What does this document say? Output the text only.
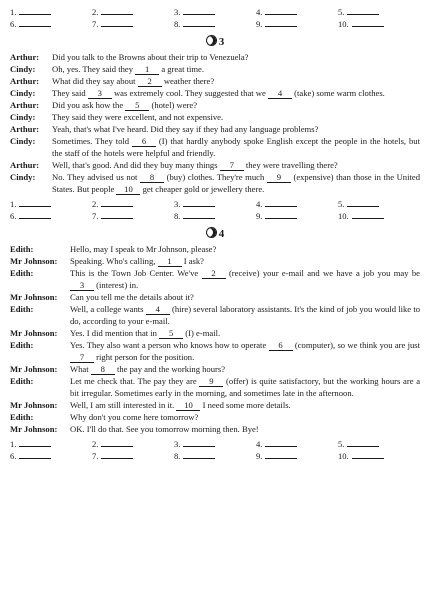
1.	2.	3.	4.	5.
6.	7.	8.	9.	10.
3
Arthur:	Did you talk to the Browns about their trip to Venezuela?
Cindy:	Oh, yes. They said they 1 a great time.
Arthur:	What did they say about 2 weather there?
Cindy:	They said 3 was extremely cool. They suggested that we 4 (take) some warm clothes.
Arthur:	Did you ask how the 5 (hotel) were?
Cindy:	They said they were excellent, and not expensive.
Arthur:	Yeah, that's what I've heard. Did they say if they had any language problems?
Cindy:	Sometimes. They told 6 (I) that hardly anybody spoke English except the people in the hotels, but the staff of the hotels were helpful and friendly.
Arthur:	Well, that's good. And did they buy many things 7 they were travelling there?
Cindy:	No. They advised us not 8 (buy) clothes. They're much 9 (expensive) than those in the United States. But people 10 get cheaper gold or jewellery there.
1.	2.	3.	4.	5.
6.	7.	8.	9.	10.
4
Edith:	Hello, may I speak to Mr Johnson, please?
Mr Johnson:	Speaking. Who's calling, 1 I ask?
Edith:	This is the Town Job Center. We've 2 (receive) your e-mail and we have a job you may be 3 (interest) in.
Mr Johnson:	Can you tell me the details about it?
Edith:	Well, a college wants 4 (hire) several laboratory assistants. It's the kind of job you would like to do, according to your e-mail.
Mr Johnson:	Yes. I did mention that in 5 (I) e-mail.
Edith:	Yes. They also want a person who knows how to operate 6 (computer), so we think you are just 7 right person for the position.
Mr Johnson:	What 8 the pay and the working hours?
Edith:	Let me check that. The pay they are 9 (offer) is quite satisfactory, but the working hours are a bit irregular. Sometimes early in the morning, and sometimes late in the afternoon.
Mr Johnson:	Well, I am still interested in it. 10 I need some more details.
Edith:	Why don't you come here tomorrow?
Mr Johnson:	OK. I'll do that. See you tomorrow morning then. Bye!
1.	2.	3.	4.	5.
6.	7.	8.	9.	10.
